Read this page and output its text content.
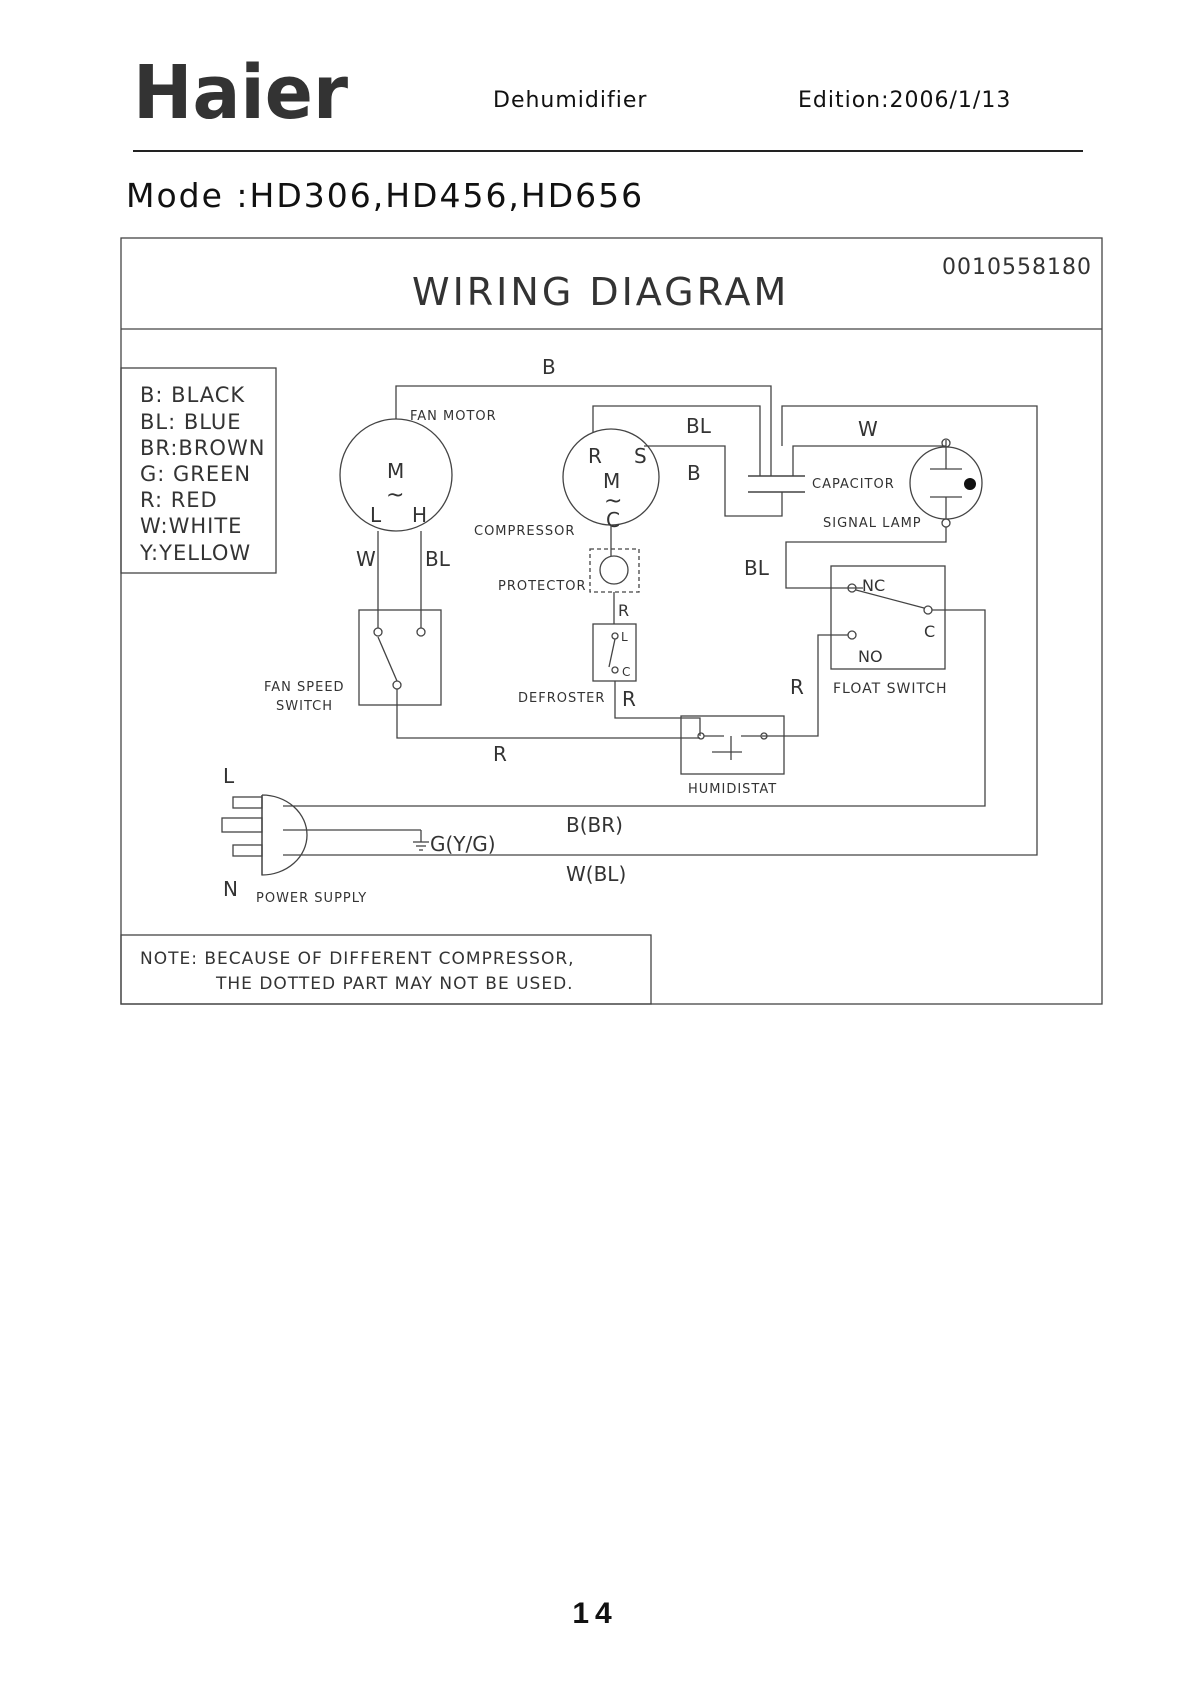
Haier	Dehumidifier	Edition:2006/1/13
Mode :HD306,HD456,HD656
WIRING DIAGRAM
0010558180
B: BLACK
BL: BLUE
BR:BROWN
G: GREEN
R: RED
W:WHITE
Y:YELLOW
FAN MOTOR
M
~
L H
W BL
FAN SPEED
SWITCH
B
R S
M
~
C
COMPRESSOR
BL
B	CAPACITOR
W
SIGNAL LAMP
BL
NC
C
NO
FLOAT SWITCH
R
PROTECTOR
R
L
C
DEFROSTER R
HUMIDISTAT
R
G(Y/G)
B(BR)
W(BL)
L
N POWER SUPPLY
NOTE: BECAUSE OF DIFFERENT COMPRESSOR,
THE DOTTED PART MAY NOT BE USED.
14
